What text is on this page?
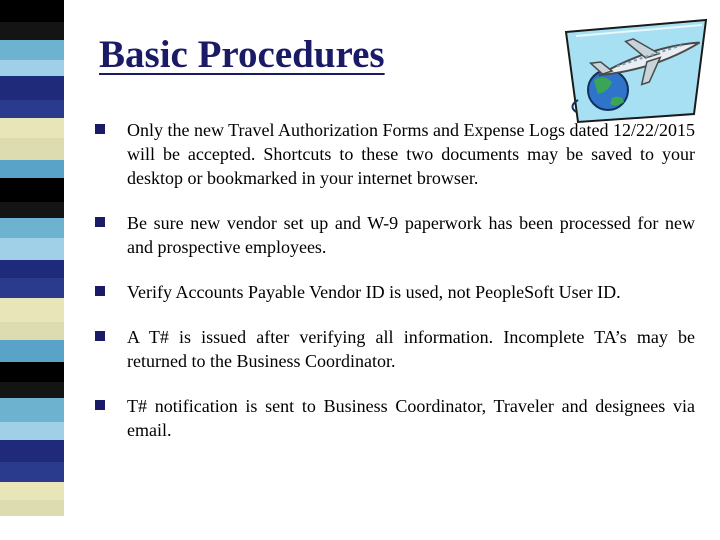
Basic Procedures
Only the new Travel Authorization Forms and Expense Logs dated 12/22/2015 will be accepted. Shortcuts to these two documents may be saved to your desktop or bookmarked in your internet browser.
Be sure new vendor set up and W-9 paperwork has been processed for new and prospective employees.
Verify Accounts Payable Vendor ID is used, not PeopleSoft User ID.
A T# is issued after verifying all information. Incomplete TA’s may be returned to the Business Coordinator.
T# notification is sent to Business Coordinator, Traveler and designees via email.
